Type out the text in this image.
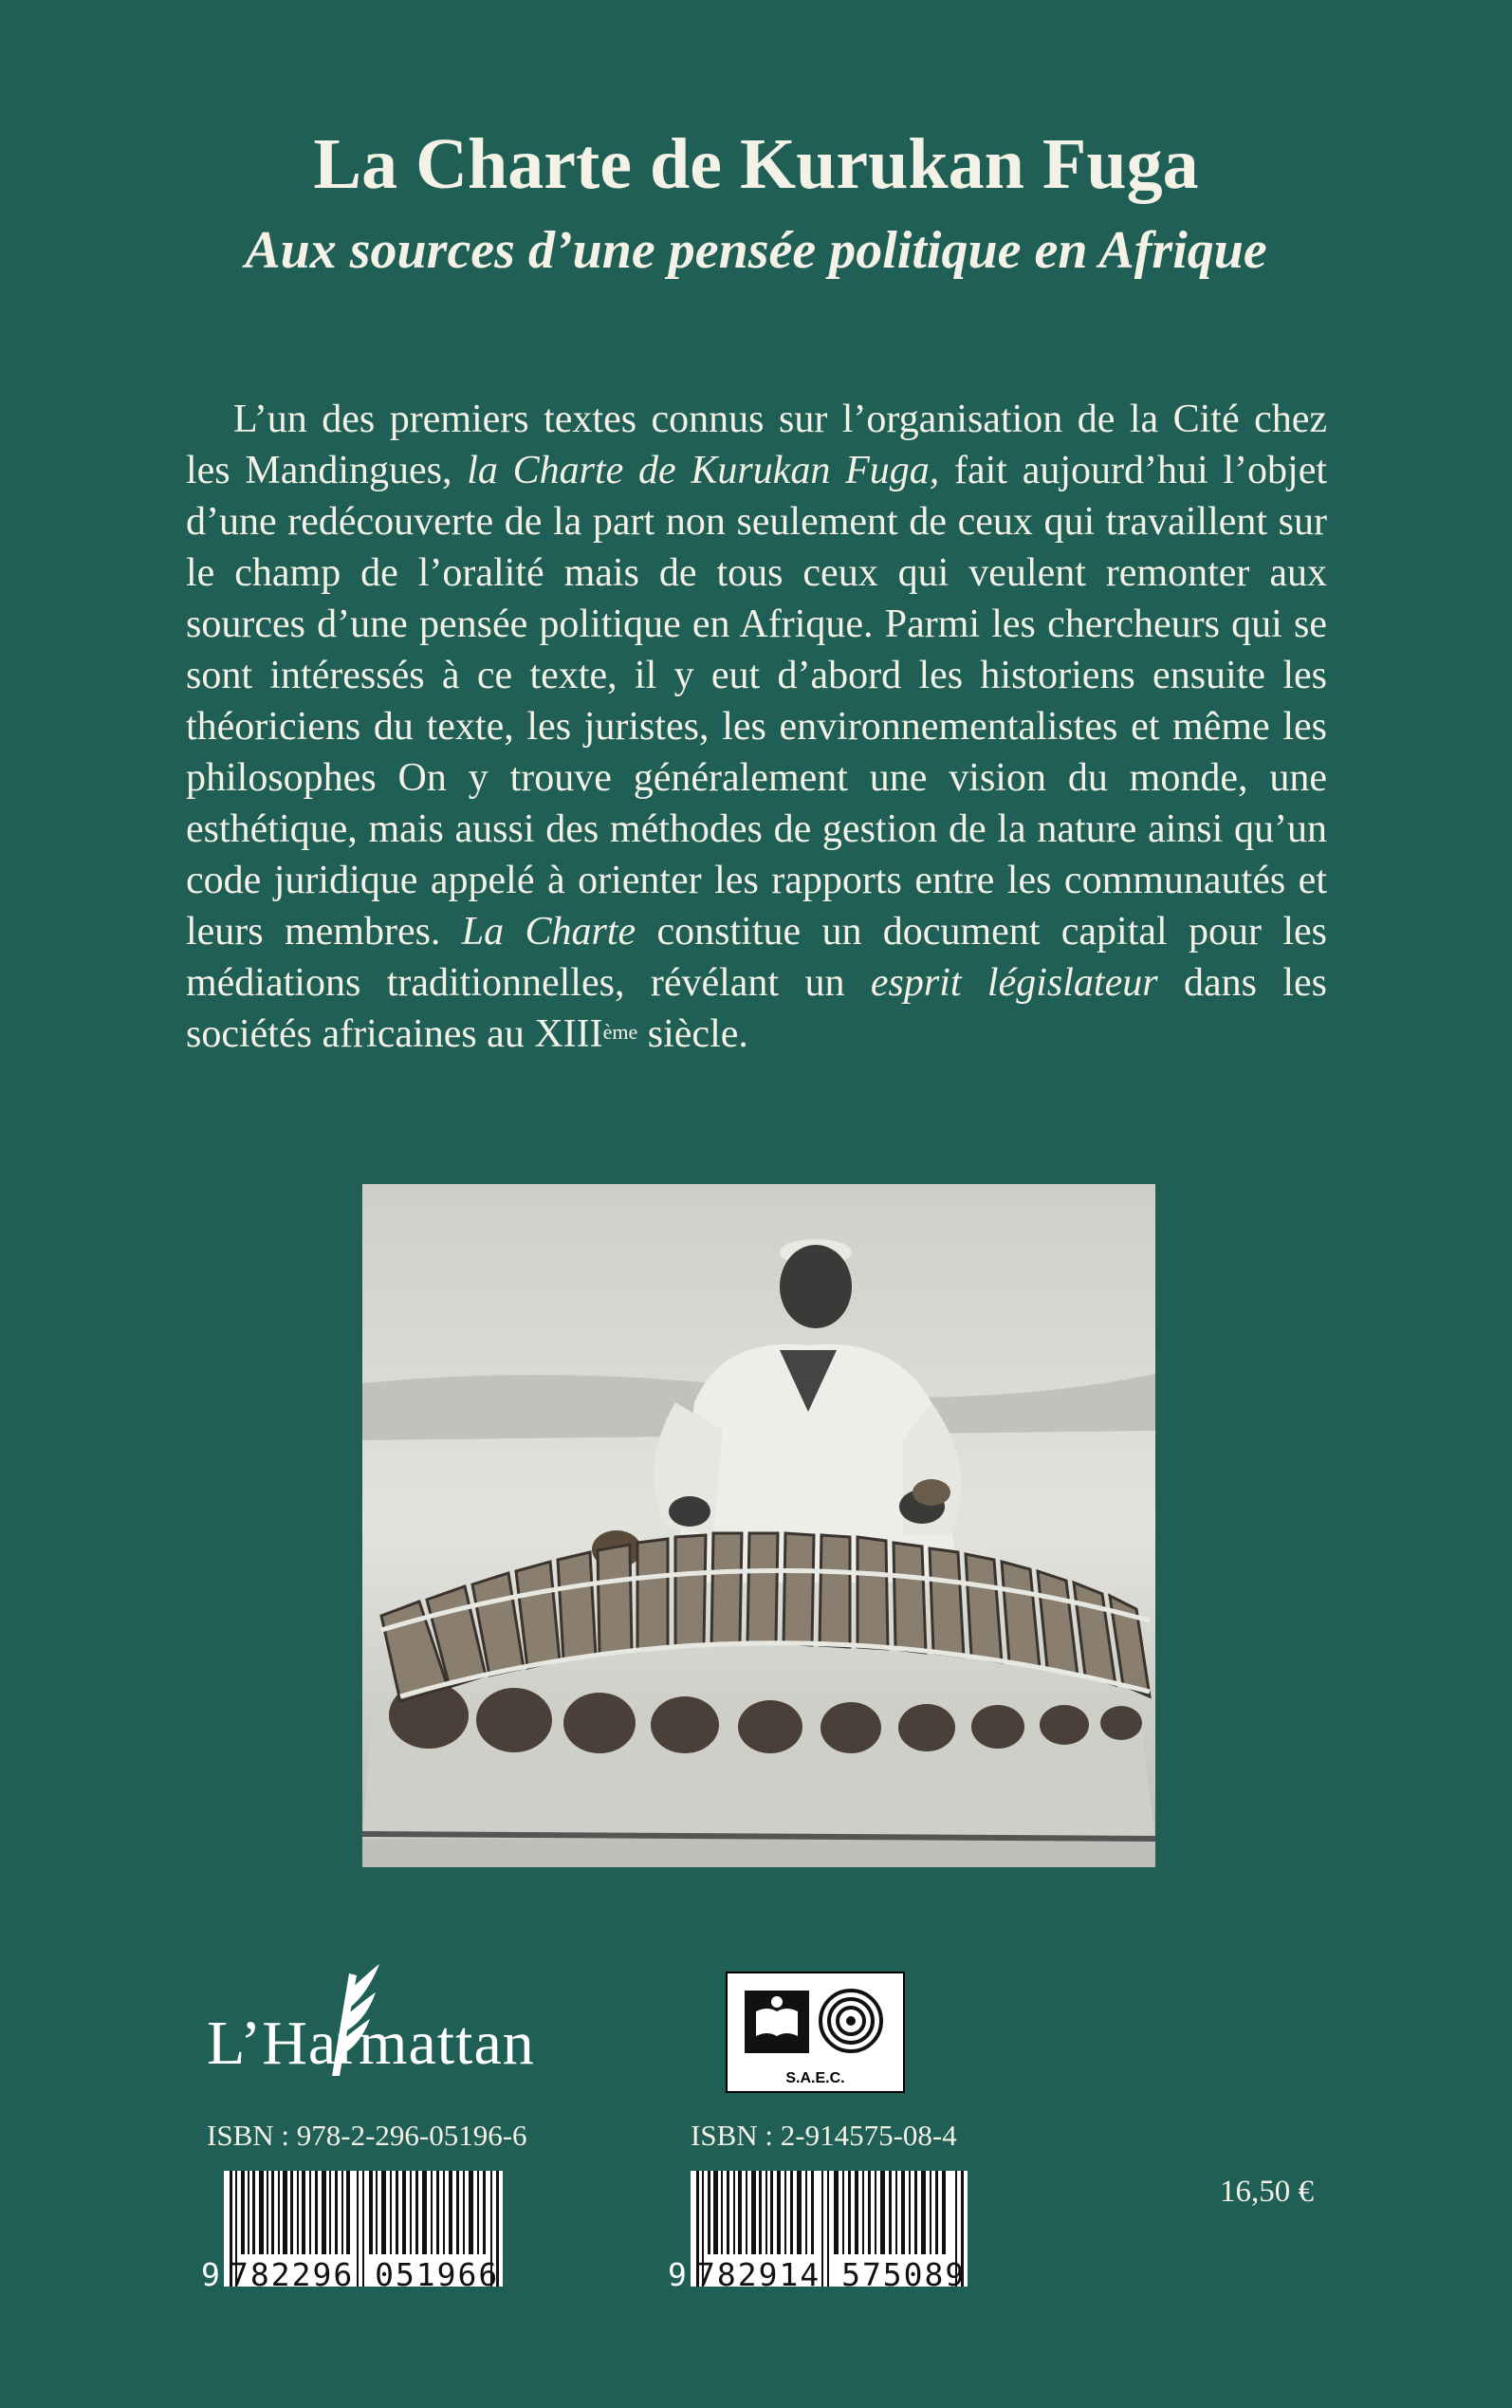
La Charte de Kurukan Fuga
Aux sources d’une pensée politique en Afrique

L’un des premiers textes connus sur l’organisation de la Cité chez les Mandingues, la Charte de Kurukan Fuga, fait aujourd’hui l’objet d’une redécouverte de la part non seulement de ceux qui travaillent sur le champ de l’oralité mais de tous ceux qui veulent remonter aux sources d’une pensée politique en Afrique. Parmi les chercheurs qui se sont intéressés à ce texte, il y eut d’abord les historiens ensuite les théoriciens du texte, les juristes, les environnementalistes et même les philosophes On y trouve généralement une vision du monde, une esthétique, mais aussi des méthodes de gestion de la nature ainsi qu’un code juridique appelé à orienter les rapports entre les communautés et leurs membres. La Charte constitue un document capital pour les médiations traditionnelles, révélant un esprit législateur dans les sociétés africaines au XIIIème siècle.

L’Harmattan
S.A.E.C.
ISBN : 978-2-296-05196-6	ISBN : 2-914575-08-4
9 782296 051966	9 782914 575089
16,50 €
